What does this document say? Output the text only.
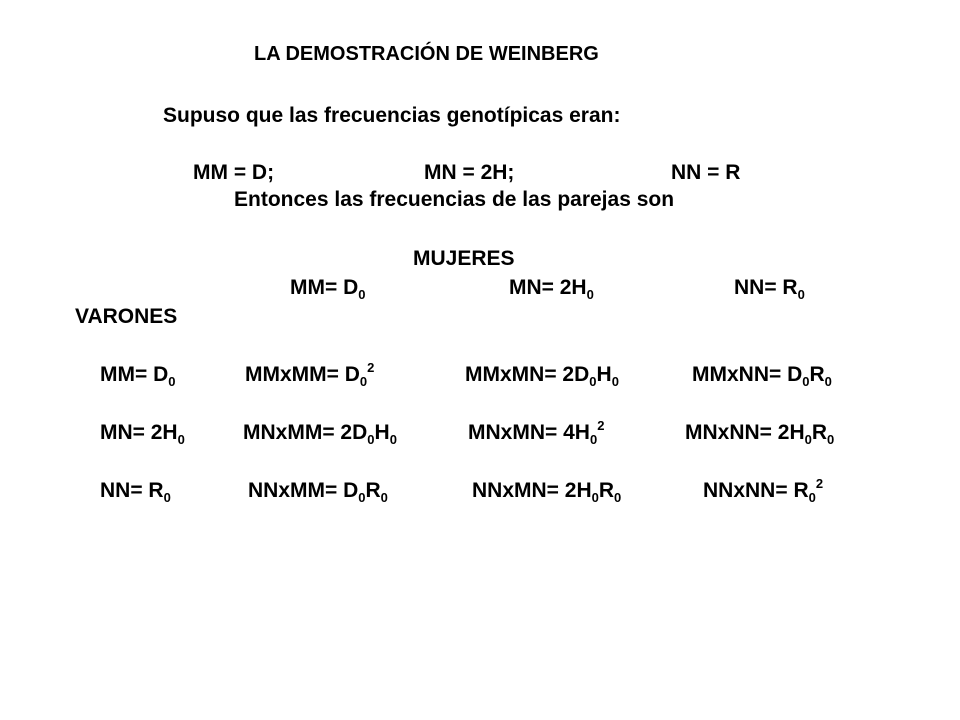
LA DEMOSTRACIÓN DE WEINBERG
Supuso que las frecuencias genotípicas eran:
MM = D;	MN = 2H;	NN = R
Entonces las frecuencias de las parejas son
MUJERES
$MM= D_0$	$MN= 2H_0$	$NN= R_0$
VARONES
$MM= D_0$	MMxMM= $D_0^2$	MMxMN= $2D_0H_0$	MMxNN= $D_0R_0$
$MN= 2H_0$	MNxMM= $2D_0H_0$	MNxMN= $4H_0^2$	MNxNN= $2H_0R_0$
$NN= R_0$	NNxMM= $D_0R_0$	NNxMN= $2H_0R_0$	NNxNN= $R_0^2$
